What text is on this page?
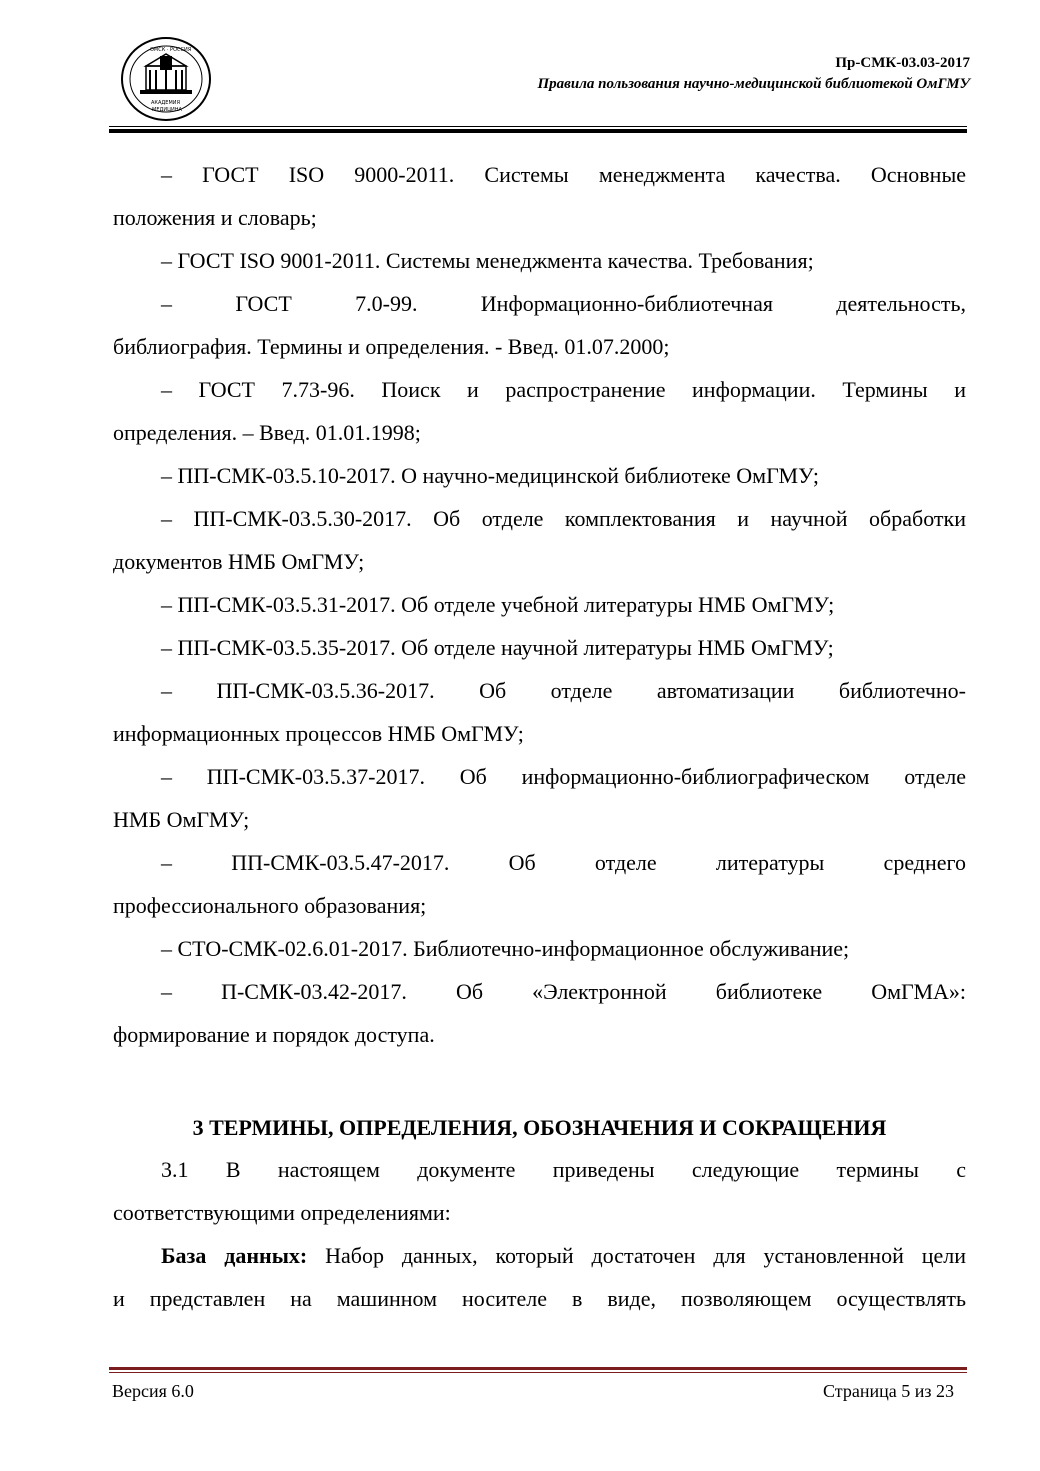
ОМСК · РОССИЯ
АКАДЕМИЯ
МЕДИЦИНА
Пр-СМК-03.03-2017
Правила пользования научно-медицинской библиотекой ОмГМУ

– ГОСТ ISO 9000-2011. Системы менеджмента качества. Основные

положения и словарь;

– ГОСТ ISO 9001-2011. Системы менеджмента качества. Требования;

– ГОСТ 7.0-99. Информационно-библиотечная деятельность,

библиография. Термины и определения. - Введ. 01.07.2000;

– ГОСТ 7.73-96. Поиск и распространение информации. Термины и

определения. – Введ. 01.01.1998;

– ПП-СМК-03.5.10-2017. О научно-медицинской библиотеке ОмГМУ;

– ПП-СМК-03.5.30-2017. Об отделе комплектования и научной обработки

документов НМБ ОмГМУ;

– ПП-СМК-03.5.31-2017. Об отделе учебной литературы НМБ ОмГМУ;

– ПП-СМК-03.5.35-2017. Об отделе научной литературы НМБ ОмГМУ;

– ПП-СМК-03.5.36-2017. Об отделе автоматизации библиотечно-

информационных процессов НМБ ОмГМУ;

– ПП-СМК-03.5.37-2017. Об информационно-библиографическом отделе

НМБ ОмГМУ;

– ПП-СМК-03.5.47-2017. Об отделе литературы среднего

профессионального образования;

– СТО-СМК-02.6.01-2017. Библиотечно-информационное обслуживание;

– П-СМК-03.42-2017. Об «Электронной библиотеке ОмГМА»:

формирование и порядок доступа.

3 ТЕРМИНЫ, ОПРЕДЕЛЕНИЯ, ОБОЗНАЧЕНИЯ И СОКРАЩЕНИЯ

3.1 В настоящем документе приведены следующие термины с

соответствующими определениями:

База данных: Набор данных, который достаточен для установленной цели

и представлен на машинном носителе в виде, позволяющем осуществлять

Версия 6.0	Страница 5 из 23
